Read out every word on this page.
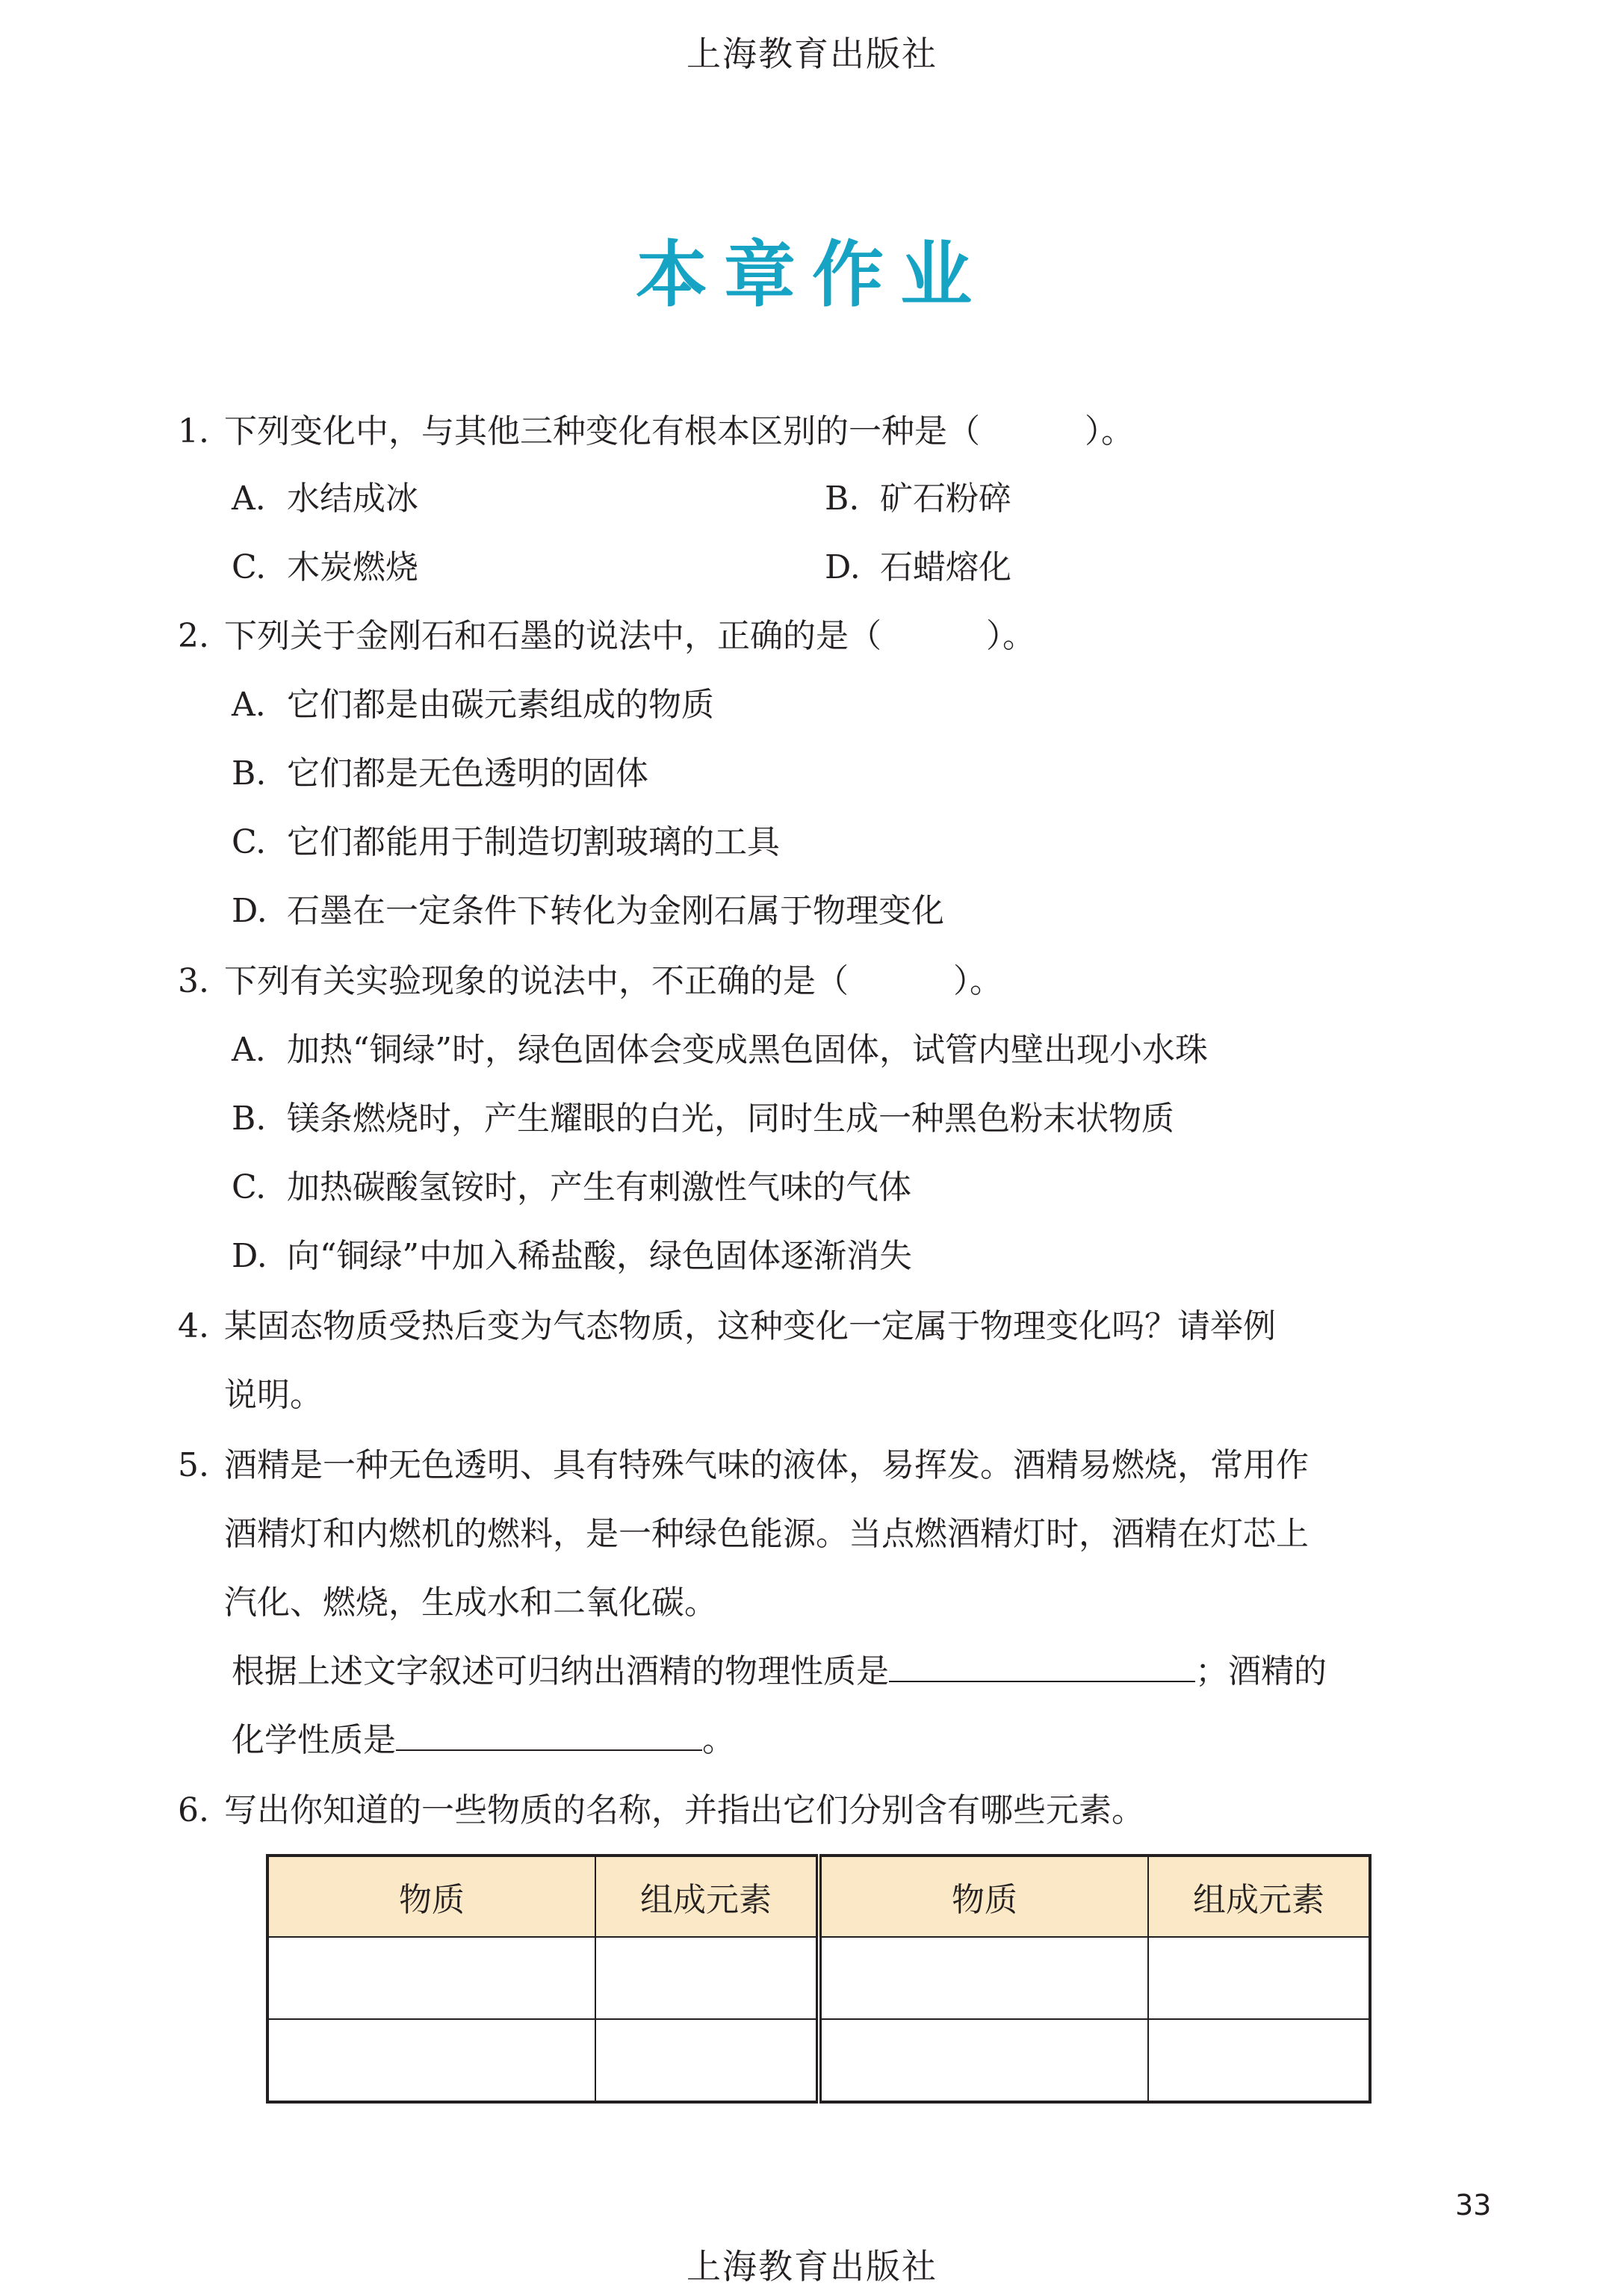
上海教育出版社
本章作业
1. 下列变化中，与其他三种变化有根本区别的一种是（	）。
A. 水结成冰	B. 矿石粉碎
C. 木炭燃烧	D. 石蜡熔化
2. 下列关于金刚石和石墨的说法中，正确的是（	）。
A. 它们都是由碳元素组成的物质
B. 它们都是无色透明的固体
C. 它们都能用于制造切割玻璃的工具
D. 石墨在一定条件下转化为金刚石属于物理变化
3. 下列有关实验现象的说法中，不正确的是（	）。
A. 加热“铜绿”时，绿色固体会变成黑色固体，试管内壁出现小水珠
B. 镁条燃烧时，产生耀眼的白光，同时生成一种黑色粉末状物质
C. 加热碳酸氢铵时，产生有刺激性气味的气体
D. 向“铜绿”中加入稀盐酸，绿色固体逐渐消失
4. 某固态物质受热后变为气态物质，这种变化一定属于物理变化吗？请举例
说明。
5. 酒精是一种无色透明、具有特殊气味的液体，易挥发。酒精易燃烧，常用作
酒精灯和内燃机的燃料，是一种绿色能源。当点燃酒精灯时，酒精在灯芯上
汽化、燃烧，生成水和二氧化碳。
根据上述文字叙述可归纳出酒精的物理性质是	；酒精的
化学性质是	。
6. 写出你知道的一些物质的名称，并指出它们分别含有哪些元素。
物质	组成元素	物质	组成元素

33
上海教育出版社
